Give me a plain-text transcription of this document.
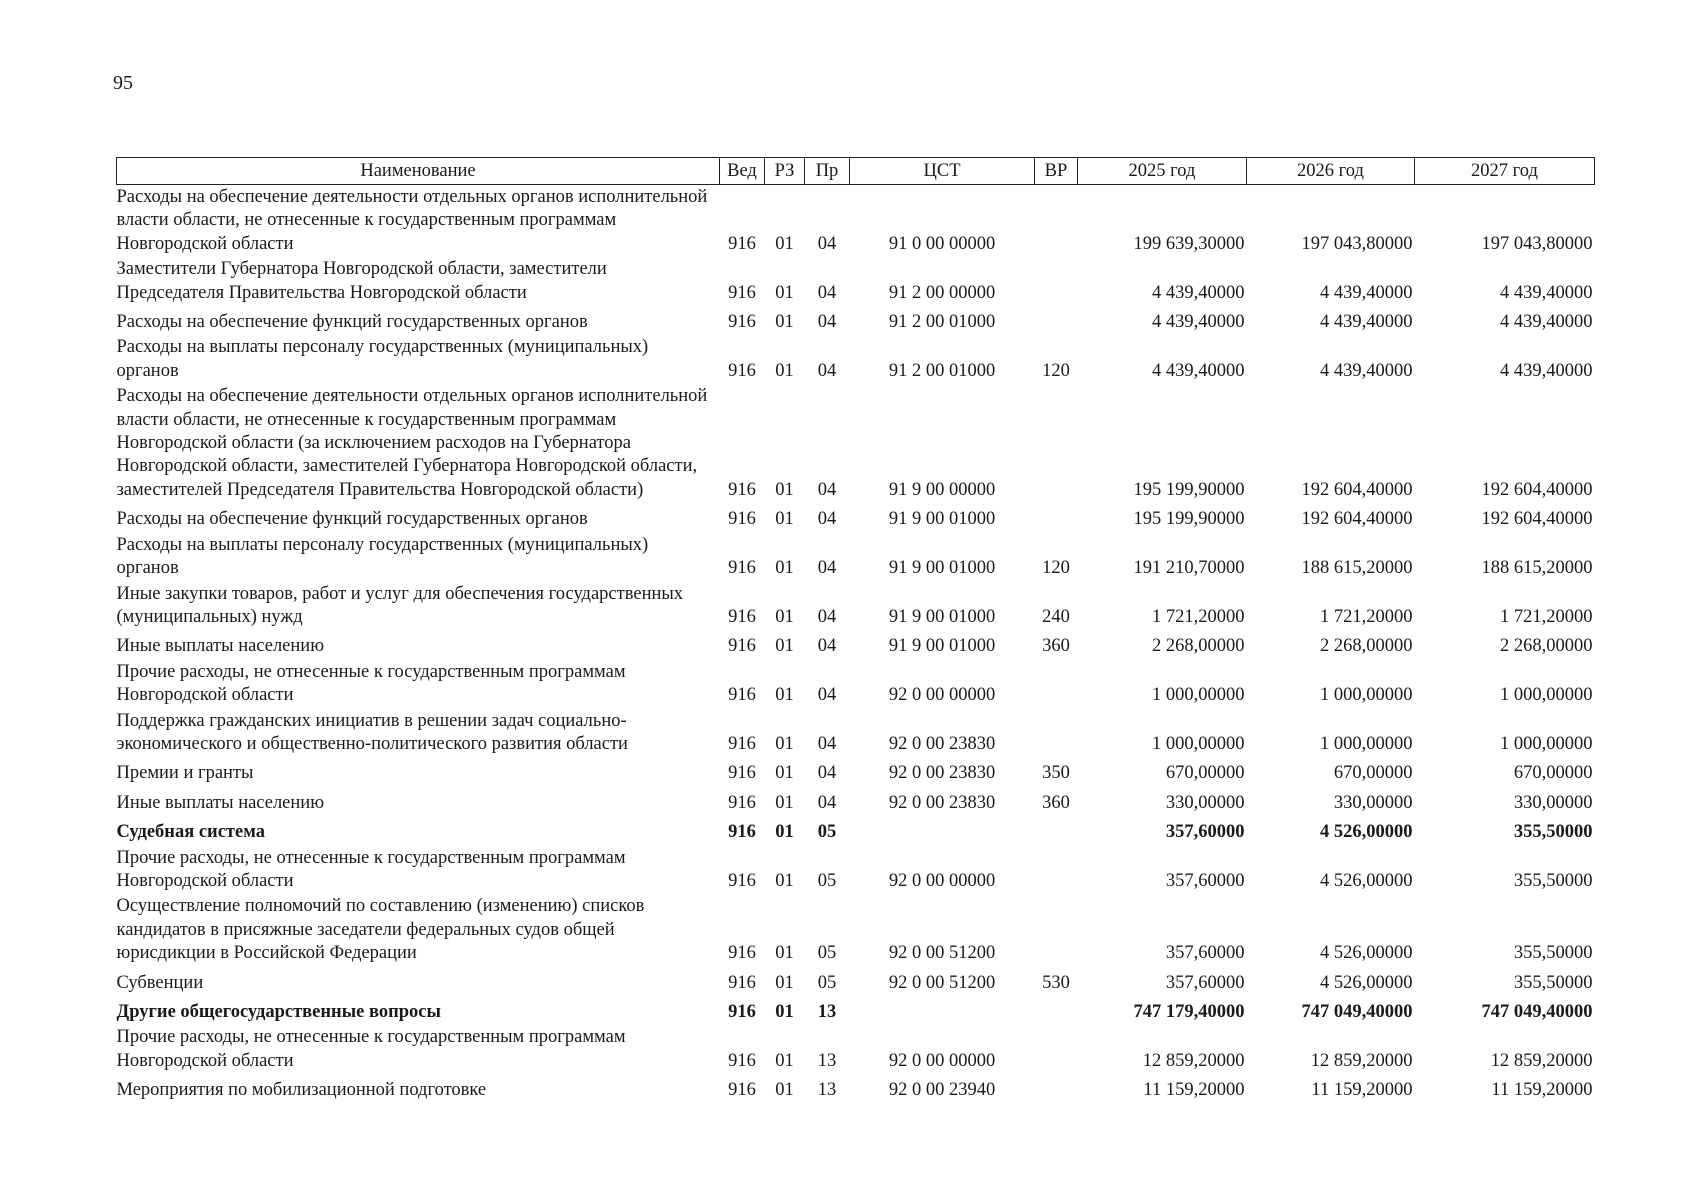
95
Наименование	Вед	РЗ	Пр	ЦСТ	ВР	2025 год	2026 год	2027 год
Расходы на обеспечение деятельности отдельных органов исполнительной власти области, не отнесенные к государственным программам Новгородской области	916	01	04	91 0 00 00000		199 639,30000	197 043,80000	197 043,80000
Заместители Губернатора Новгородской области, заместители Председателя Правительства Новгородской области	916	01	04	91 2 00 00000		4 439,40000	4 439,40000	4 439,40000
Расходы на обеспечение функций государственных органов	916	01	04	91 2 00 01000		4 439,40000	4 439,40000	4 439,40000
Расходы на выплаты персоналу государственных (муниципальных) органов	916	01	04	91 2 00 01000	120	4 439,40000	4 439,40000	4 439,40000
Расходы на обеспечение деятельности отдельных органов исполнительной власти области, не отнесенные к государственным программам Новгородской области (за исключением расходов на Губернатора Новгородской области, заместителей Губернатора Новгородской области, заместителей Председателя Правительства Новгородской области)	916	01	04	91 9 00 00000		195 199,90000	192 604,40000	192 604,40000
Расходы на обеспечение функций государственных органов	916	01	04	91 9 00 01000		195 199,90000	192 604,40000	192 604,40000
Расходы на выплаты персоналу государственных (муниципальных) органов	916	01	04	91 9 00 01000	120	191 210,70000	188 615,20000	188 615,20000
Иные закупки товаров, работ и услуг для обеспечения государственных (муниципальных) нужд	916	01	04	91 9 00 01000	240	1 721,20000	1 721,20000	1 721,20000
Иные выплаты населению	916	01	04	91 9 00 01000	360	2 268,00000	2 268,00000	2 268,00000
Прочие расходы, не отнесенные к государственным программам Новгородской области	916	01	04	92 0 00 00000		1 000,00000	1 000,00000	1 000,00000
Поддержка гражданских инициатив в решении задач социально-экономического и общественно-политического развития области	916	01	04	92 0 00 23830		1 000,00000	1 000,00000	1 000,00000
Премии и гранты	916	01	04	92 0 00 23830	350	670,00000	670,00000	670,00000
Иные выплаты населению	916	01	04	92 0 00 23830	360	330,00000	330,00000	330,00000
Судебная система	916	01	05			357,60000	4 526,00000	355,50000
Прочие расходы, не отнесенные к государственным программам Новгородской области	916	01	05	92 0 00 00000		357,60000	4 526,00000	355,50000
Осуществление полномочий по составлению (изменению) списков кандидатов в присяжные заседатели федеральных судов общей юрисдикции в Российской Федерации	916	01	05	92 0 00 51200		357,60000	4 526,00000	355,50000
Субвенции	916	01	05	92 0 00 51200	530	357,60000	4 526,00000	355,50000
Другие общегосударственные вопросы	916	01	13			747 179,40000	747 049,40000	747 049,40000
Прочие расходы, не отнесенные к государственным программам Новгородской области	916	01	13	92 0 00 00000		12 859,20000	12 859,20000	12 859,20000
Мероприятия по мобилизационной подготовке	916	01	13	92 0 00 23940		11 159,20000	11 159,20000	11 159,20000
